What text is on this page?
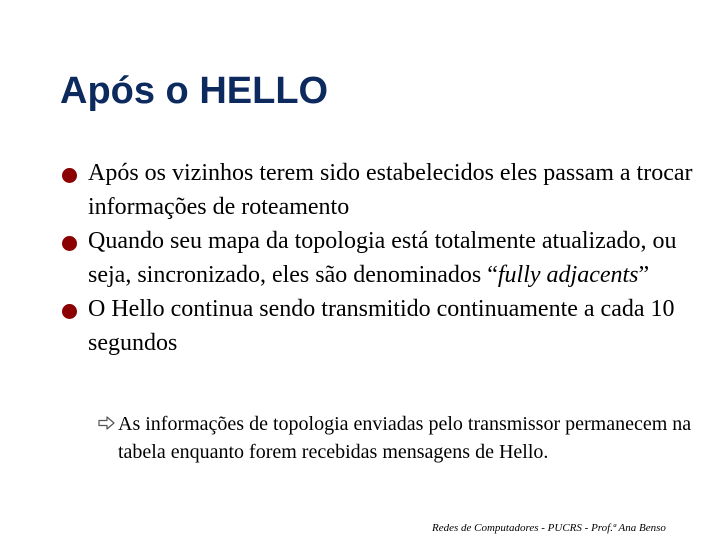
Após o HELLO
Após os vizinhos terem sido estabelecidos eles passam a trocar informações de roteamento
Quando seu mapa da topologia está totalmente atualizado, ou seja, sincronizado, eles são denominados “fully adjacents”
O Hello continua sendo transmitido continuamente a cada 10 segundos
As informações de topologia enviadas pelo transmissor permanecem na tabela enquanto forem recebidas mensagens de Hello.
Redes de Computadores - PUCRS - Prof.ª Ana Benso
